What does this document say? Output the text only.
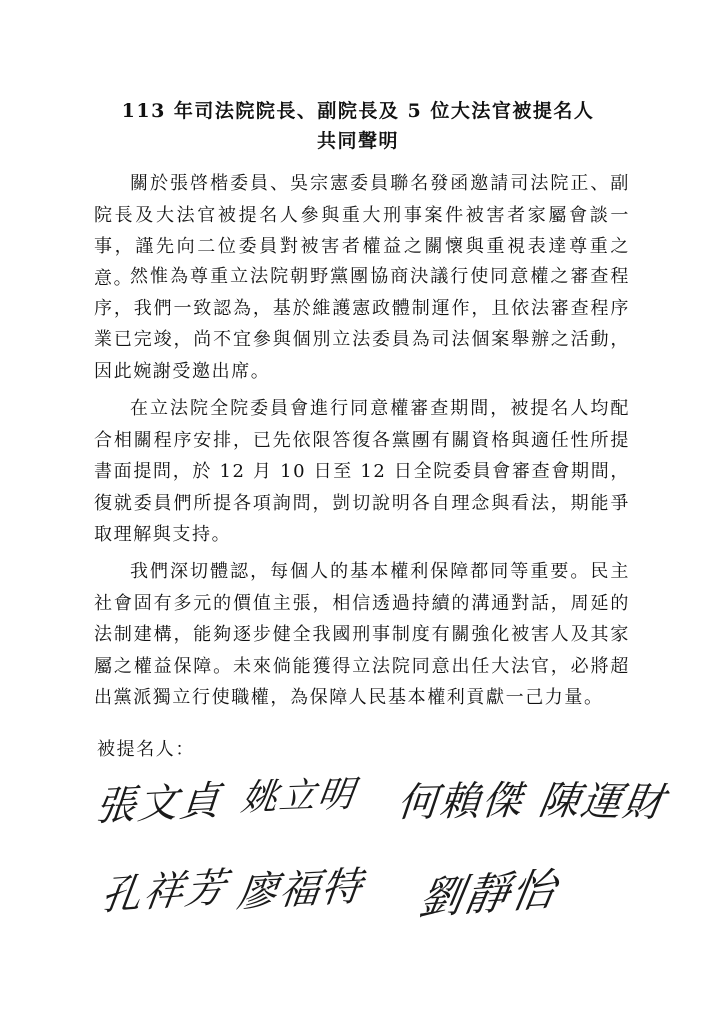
113 年司法院院長、副院長及 5 位大法官被提名人
共同聲明

關於張啓楷委員、吳宗憲委員聯名發函邀請司法院正、副院長及大法官被提名人參與重大刑事案件被害者家屬會談一事，謹先向二位委員對被害者權益之關懷與重視表達尊重之意。

然惟為尊重立法院朝野黨團協商決議行使同意權之審查程序，我們一致認為，基於維護憲政體制運作，且依法審查程序業已完竣，尚不宜參與個別立法委員為司法個案舉辦之活動，因此婉謝受邀出席。

在立法院全院委員會進行同意權審查期間，被提名人均配合相關程序安排，已先依限答復各黨團有關資格與適任性所提書面提問，於 12 月 10 日至 12 日全院委員會審查會期間，復就委員們所提各項詢問，剴切說明各自理念與看法，期能爭取理解與支持。

我們深切體認，每個人的基本權利保障都同等重要。民主社會固有多元的價值主張，相信透過持續的溝通對話，周延的法制建構，能夠逐步健全我國刑事制度有關強化被害人及其家屬之權益保障。未來倘能獲得立法院同意出任大法官，必將超出黨派獨立行使職權，為保障人民基本權利貢獻一己力量。

被提名人：
張文貞 姚立明 何賴傑 陳運財
孔祥芳 廖福特 劉靜怡
